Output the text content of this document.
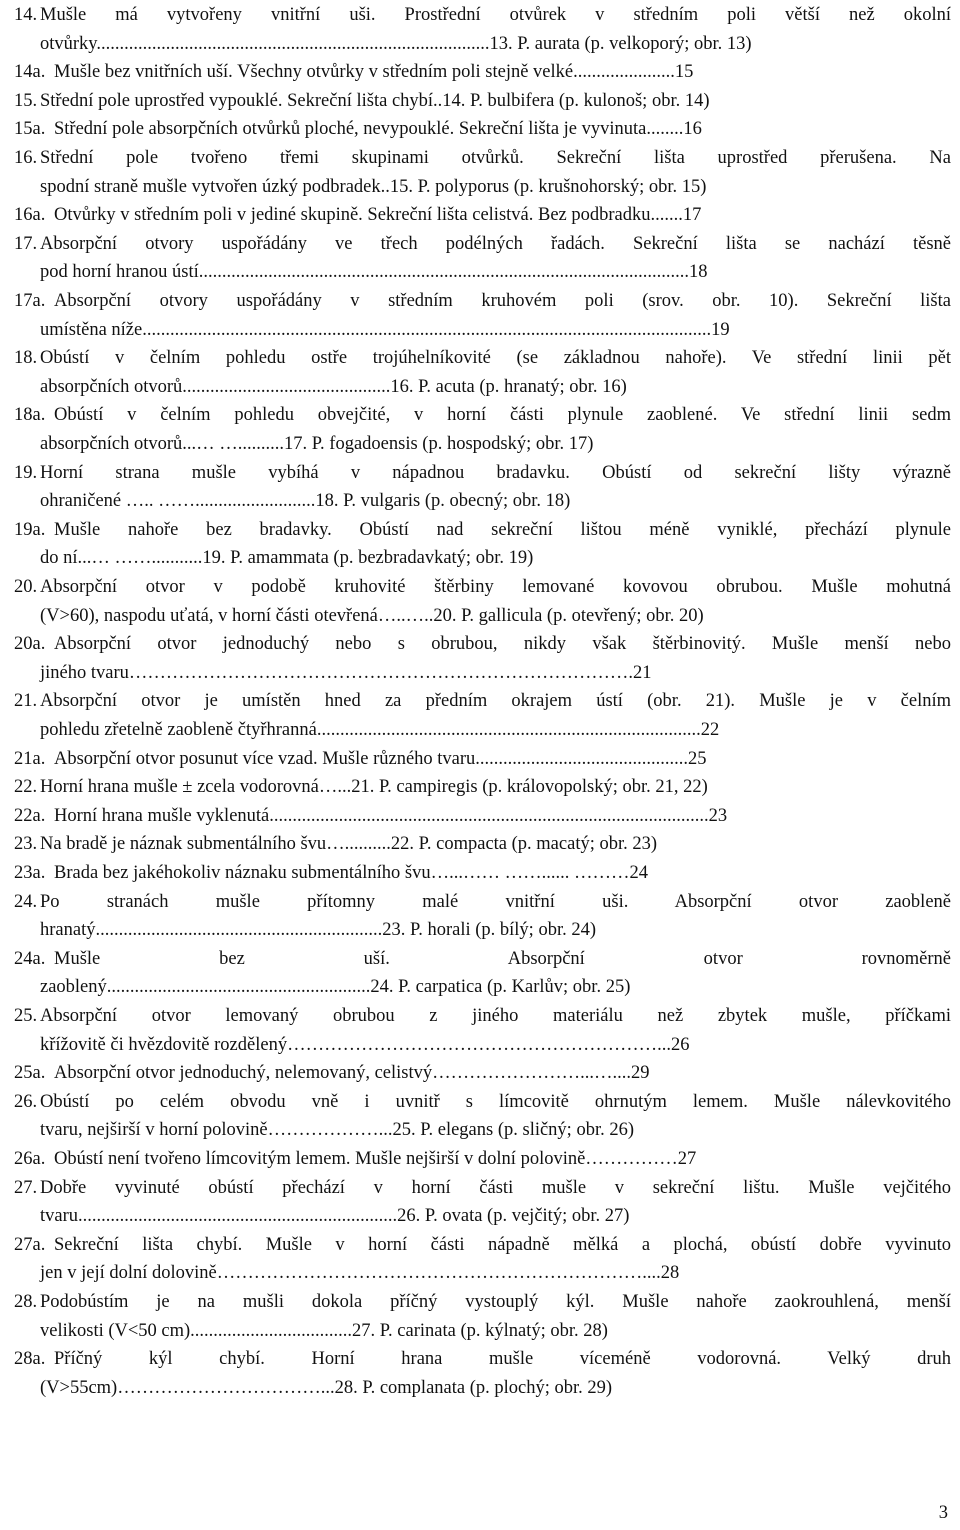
14. Mušle má vytvořeny vnitřní uši. Prostřední otvůrek v středním poli větší než okolní
otvůrky.....................................................................................13. P. aurata (p. velkoporý; obr. 13)
14a. Mušle bez vnitřních uší. Všechny otvůrky v středním poli stejně velké......................15
15. Střední pole uprostřed vypouklé. Sekreční lišta chybí..14. P. bulbifera (p. kulonoš; obr. 14)
15a. Střední pole absorpčních otvůrků ploché, nevypouklé. Sekreční lišta je vyvinuta........16
16. Střední pole tvořeno třemi skupinami otvůrků. Sekreční lišta uprostřed přerušena. Na
spodní straně mušle vytvořen úzký podbradek..15. P. polyporus (p. krušnohorský; obr. 15)
16a. Otvůrky v středním poli v jediné skupině. Sekreční lišta celistvá. Bez podbradku.......17
17. Absorpční otvory uspořádány ve třech podélných řadách. Sekreční lišta se nachází těsně
pod horní hranou ústí..........................................................................................................18
17a. Absorpční otvory uspořádány v středním kruhovém poli (srov. obr. 10). Sekreční lišta
umístěna níže...........................................................................................................................19
18. Obústí v čelním pohledu ostře trojúhelníkovité (se základnou nahoře). Ve střední linii pět
absorpčních otvorů.............................................16. P. acuta (p. hranatý; obr. 16)
18a. Obústí v čelním pohledu obvejčité, v horní části plynule zaoblené. Ve střední linii sedm
absorpčních otvorů...… …..........17. P. fogadoensis (p. hospodský; obr. 17)
19. Horní strana mušle vybíhá v nápadnou bradavku. Obústí od sekreční lišty výrazně
ohraničené ….. ……..........................18. P. vulgaris (p. obecný; obr. 18)
19a. Mušle nahoře bez bradavky. Obústí nad sekreční lištou méně vyniklé, přechází plynule
do ní...… ……...........19. P. amammata (p. bezbradavkatý; obr. 19)
20. Absorpční otvor v podobě kruhovité štěrbiny lemované kovovou obrubou. Mušle mohutná
(V>60), naspodu uťatá, v horní části otevřená…..…..20. P. gallicula (p. otevřený; obr. 20)
20a. Absorpční otvor jednoduchý nebo s obrubou, nikdy však štěrbinovitý. Mušle menší nebo
jiného tvaru……………………………………………………………………….21
21. Absorpční otvor je umístěn hned za předním okrajem ústí (obr. 21). Mušle je v čelním
pohledu zřetelně zaobleně čtyřhranná...................................................................................22
21a. Absorpční otvor posunut více vzad. Mušle různého tvaru..............................................25
22. Horní hrana mušle ± zcela vodorovná…...21. P. campiregis (p. královopolský; obr. 21, 22)
22a. Horní hrana mušle vyklenutá...............................................................................................23
23. Na bradě je náznak submentálního švu…..........22. P. compacta (p. macatý; obr. 23)
23a. Brada bez jakéhokoliv náznaku submentálního švu…...…… ……...... ………24
24. Po stranách mušle přítomny malé vnitřní uši. Absorpční otvor zaobleně
hranatý..............................................................23. P. horali (p. bílý; obr. 24)
24a. Mušle bez uší. Absorpční otvor rovnoměrně
zaoblený.........................................................24. P. carpatica (p. Karlův; obr. 25)
25. Absorpční otvor lemovaný obrubou z jiného materiálu než zbytek mušle, příčkami
křížovitě či hvězdovitě rozdělený……………………………………………………...26
25a. Absorpční otvor jednoduchý, nelemovaný, celistvý……………………...…....29
26. Obústí po celém obvodu vně i uvnitř s límcovitě ohrnutým lemem. Mušle nálevkovitého
tvaru, nejširší v horní polovině………………...25. P. elegans (p. sličný; obr. 26)
26a. Obústí není tvořeno límcovitým lemem. Mušle nejširší v dolní polovině……………27
27. Dobře vyvinuté obústí přechází v horní části mušle v sekreční lištu. Mušle vejčitého
tvaru.....................................................................26. P. ovata (p. vejčitý; obr. 27)
27a. Sekreční lišta chybí. Mušle v horní části nápadně mělká a plochá, obústí dobře vyvinuto
jen v její dolní dolovině……………………………………………………………....28
28. Podobústím je na mušli dokola příčný vystouplý kýl. Mušle nahoře zaokrouhlená, menší
velikosti (V<50 cm)...................................27. P. carinata (p. kýlnatý; obr. 28)
28a. Příčný kýl chybí. Horní hrana mušle víceméně vodorovná. Velký druh
(V>55cm)……………………………...28. P. complanata (p. plochý; obr. 29)
3
